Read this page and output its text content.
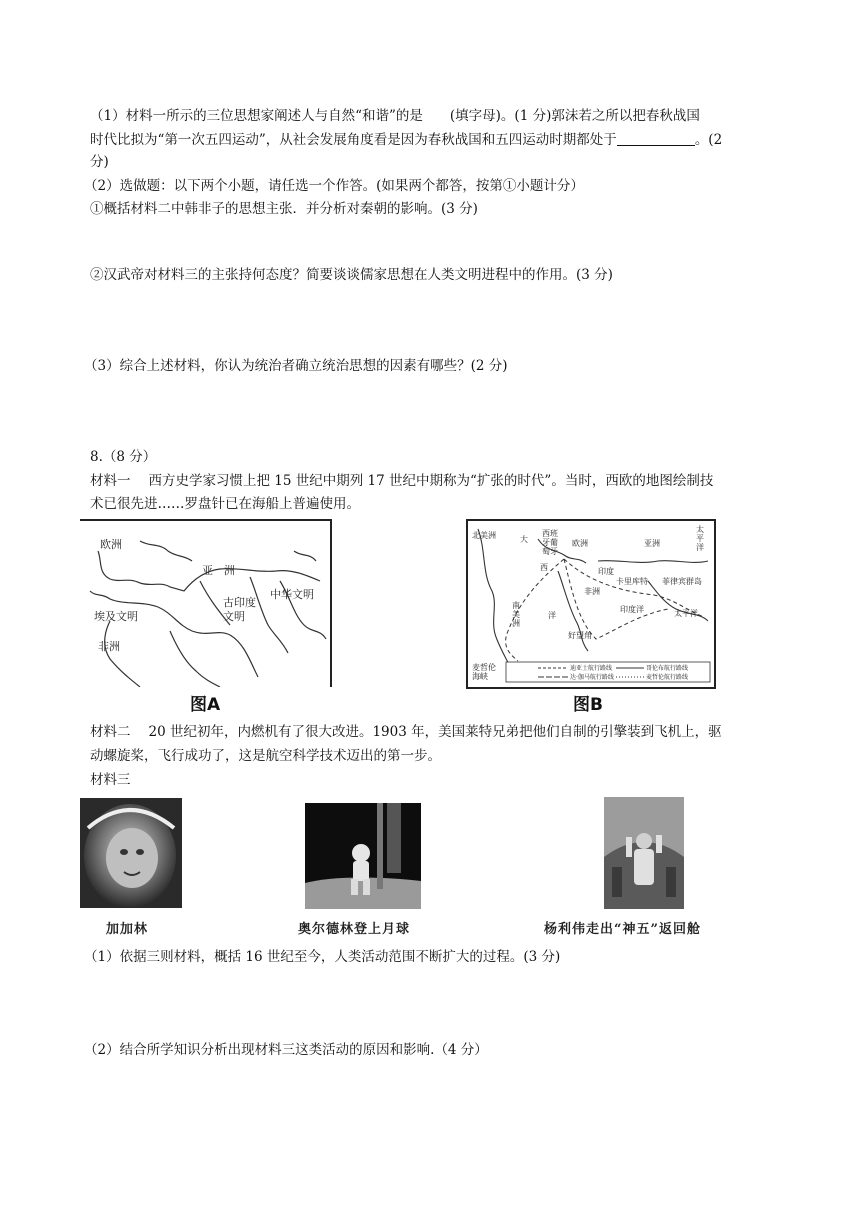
（1）材料一所示的三位思想家阐述人与自然“和谐”的是　　(填字母)。(1 分)郭沫若之所以把春秋战国
时代比拟为“第一次五四运动”，从社会发展角度看是因为春秋战国和五四运动时期都处于	。(2
分)
（2）选做题：以下两个小题，请任选一个作答。(如果两个都答，按第①小题计分）
①概括材料二中韩非子的思想主张．并分析对秦朝的影响。(3 分)
②汉武帝对材料三的主张持何态度？简要谈谈儒家思想在人类文明进程中的作用。(3 分)
（3）综合上述材料，你认为统治者确立统治思想的因素有哪些？(2 分)
8.（8 分）
材料一 西方史学家习惯上把 15 世纪中期列 17 世纪中期称为“扩张的时代”。当时，西欧的地图绘制技
术已很先进……罗盘针已在海船上普遍使用。
欧洲
亚　洲
古印度
文明
中华文明
埃及文明
非洲
图A
北美洲	大
西班牙葡萄牙
欧洲	亚洲
太平洋
西	印度
卡里库特 菲律宾群岛
南美洲
洋
非洲
印度洋	太平洋
好望角
麦哲伦海峡
迪亚士航行路线
达·伽马航行路线
哥伦布航行路线
麦哲伦航行路线
图B
材料二 20 世纪初年，内燃机有了很大改进。1903 年，美国莱特兄弟把他们自制的引擎装到飞机上，驱
动螺旋桨，飞行成功了，这是航空科学技术迈出的第一步。
材料三
加加林	奥尔德林登上月球	杨利伟走出“神五”返回舱
（1）依据三则材料，概括 16 世纪至今，人类活动范围不断扩大的过程。(3 分)
（2）结合所学知识分析出现材料三这类活动的原因和影响.（4 分）
